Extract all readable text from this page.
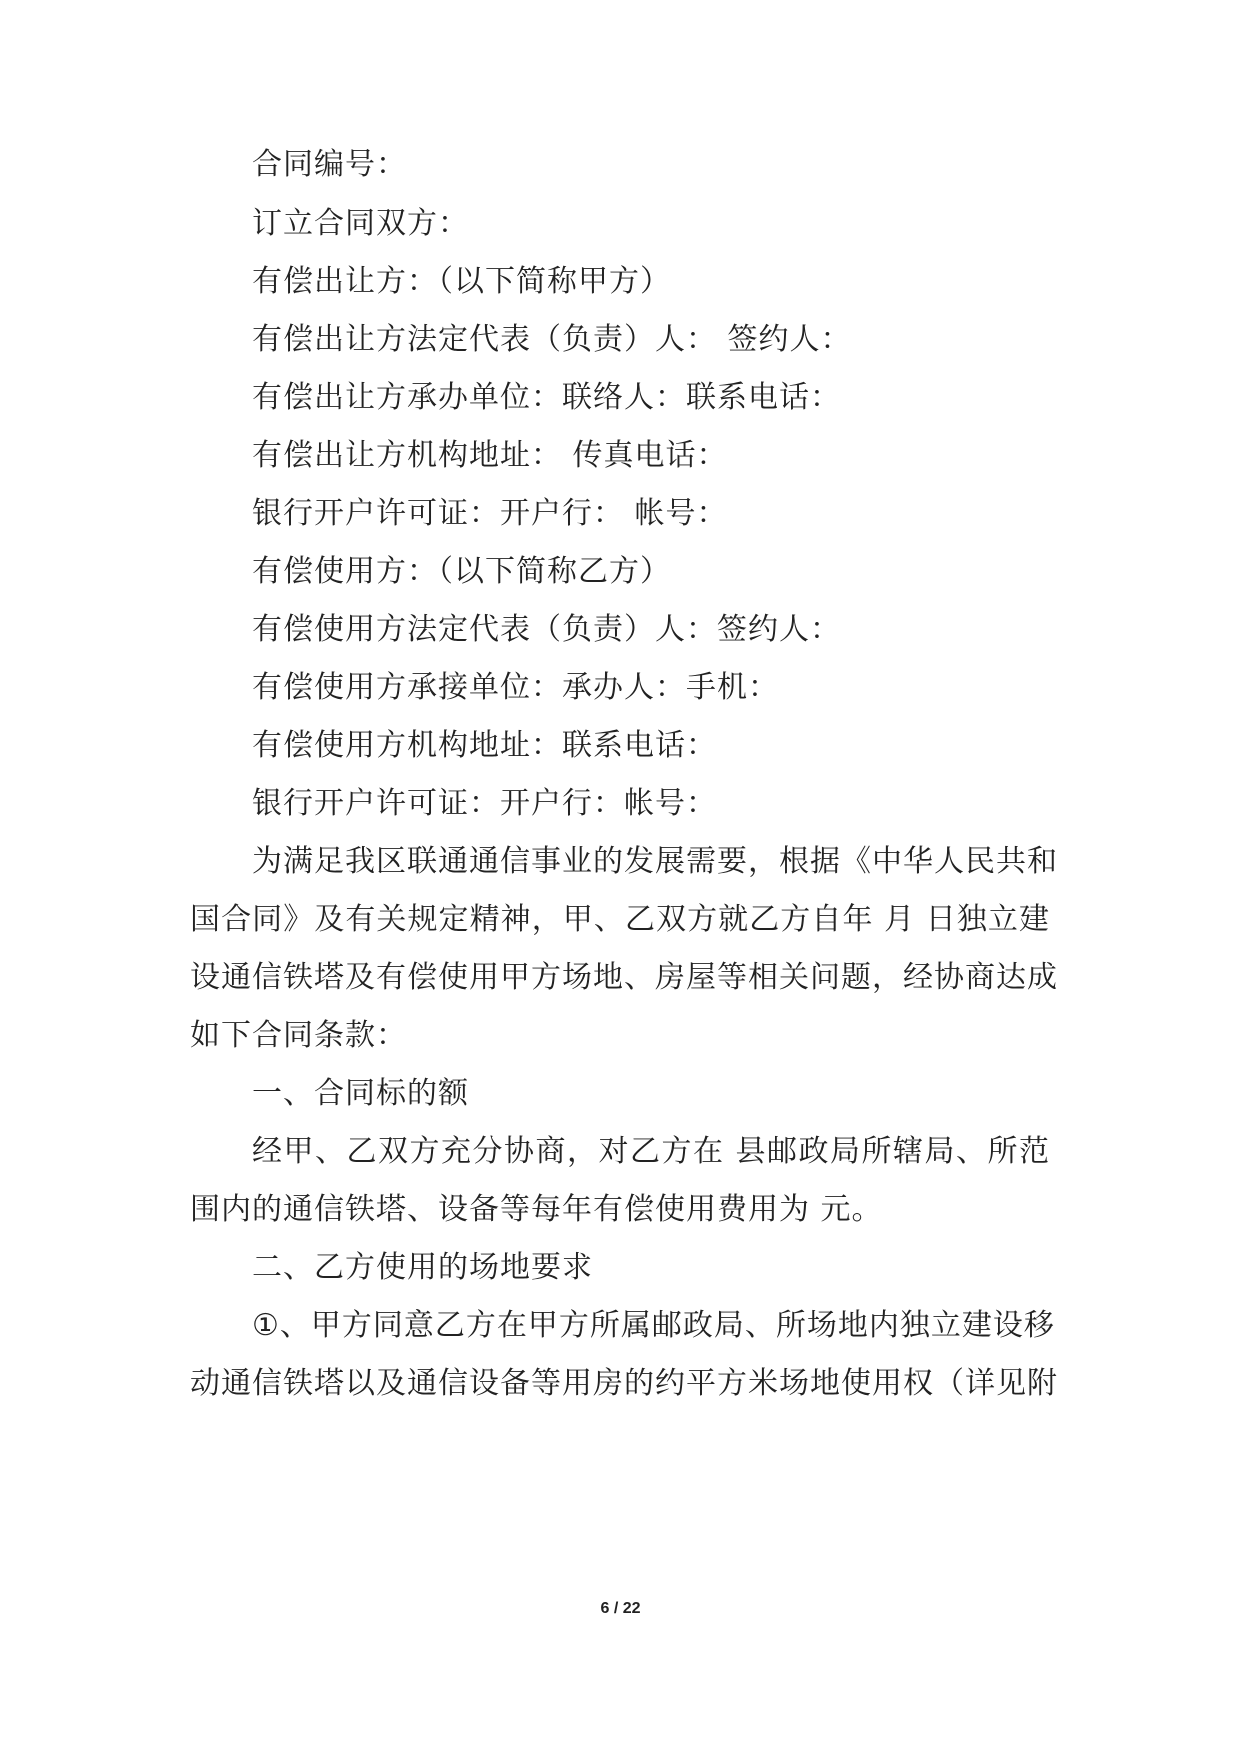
合同编号：
订立合同双方：
有偿出让方：（以下简称甲方）
有偿出让方法定代表（负责）人： 签约人：
有偿出让方承办单位：联络人：联系电话：
有偿出让方机构地址： 传真电话：
银行开户许可证：开户行： 帐号：
有偿使用方：（以下简称乙方）
有偿使用方法定代表（负责）人：签约人：
有偿使用方承接单位：承办人：手机：
有偿使用方机构地址：联系电话：
银行开户许可证：开户行：帐号：
为满足我区联通通信事业的发展需要，根据《中华人民共和
国合同》及有关规定精神，甲、乙双方就乙方自年 月 日独立建
设通信铁塔及有偿使用甲方场地、房屋等相关问题，经协商达成
如下合同条款：
一、合同标的额
经甲、乙双方充分协商，对乙方在 县邮政局所辖局、所范
围内的通信铁塔、设备等每年有偿使用费用为 元。
二、乙方使用的场地要求
①、甲方同意乙方在甲方所属邮政局、所场地内独立建设移
动通信铁塔以及通信设备等用房的约平方米场地使用权（详见附
6 / 22
